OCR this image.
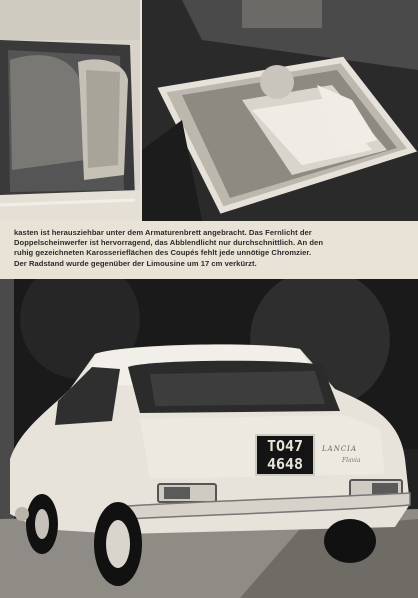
kasten ist herausziehbar unter dem Armaturenbrett angebracht. Das Fernlicht der
Doppelscheinwerfer ist hervorragend, das Abblendlicht nur durchschnittlich. An den
ruhig gezeichneten Karosserieflächen des Coupés fehlt jede unnötige Chromzier.
Der Radstand wurde gegenüber der Limousine um 17 cm verkürzt.
TO47
4648
LANCIA
Flavia
